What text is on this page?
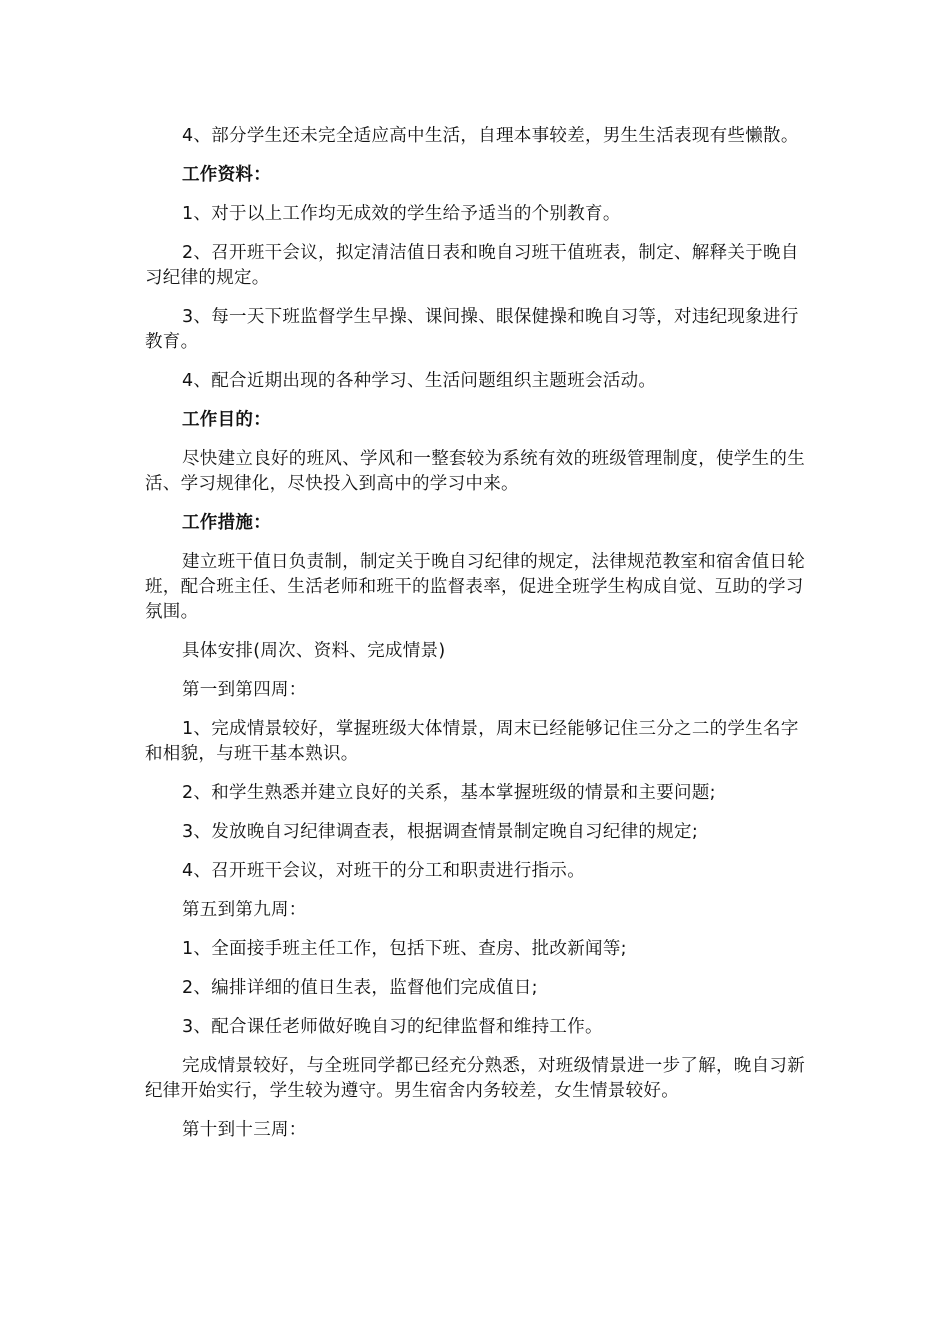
4、部分学生还未完全适应高中生活，自理本事较差，男生生活表现有些懒散。

工作资料：

1、对于以上工作均无成效的学生给予适当的个别教育。

2、召开班干会议，拟定清洁值日表和晚自习班干值班表，制定、解释关于晚自习纪律的规定。

3、每一天下班监督学生早操、课间操、眼保健操和晚自习等，对违纪现象进行教育。

4、配合近期出现的各种学习、生活问题组织主题班会活动。

工作目的：

尽快建立良好的班风、学风和一整套较为系统有效的班级管理制度，使学生的生活、学习规律化，尽快投入到高中的学习中来。

工作措施：

建立班干值日负责制，制定关于晚自习纪律的规定，法律规范教室和宿舍值日轮班，配合班主任、生活老师和班干的监督表率，促进全班学生构成自觉、互助的学习氛围。

具体安排(周次、资料、完成情景)

第一到第四周：

1、完成情景较好，掌握班级大体情景，周末已经能够记住三分之二的学生名字和相貌，与班干基本熟识。

2、和学生熟悉并建立良好的关系，基本掌握班级的情景和主要问题;

3、发放晚自习纪律调查表，根据调查情景制定晚自习纪律的规定;

4、召开班干会议，对班干的分工和职责进行指示。

第五到第九周：

1、全面接手班主任工作，包括下班、查房、批改新闻等;

2、编排详细的值日生表，监督他们完成值日;

3、配合课任老师做好晚自习的纪律监督和维持工作。

完成情景较好，与全班同学都已经充分熟悉，对班级情景进一步了解，晚自习新纪律开始实行，学生较为遵守。男生宿舍内务较差，女生情景较好。

第十到十三周：
